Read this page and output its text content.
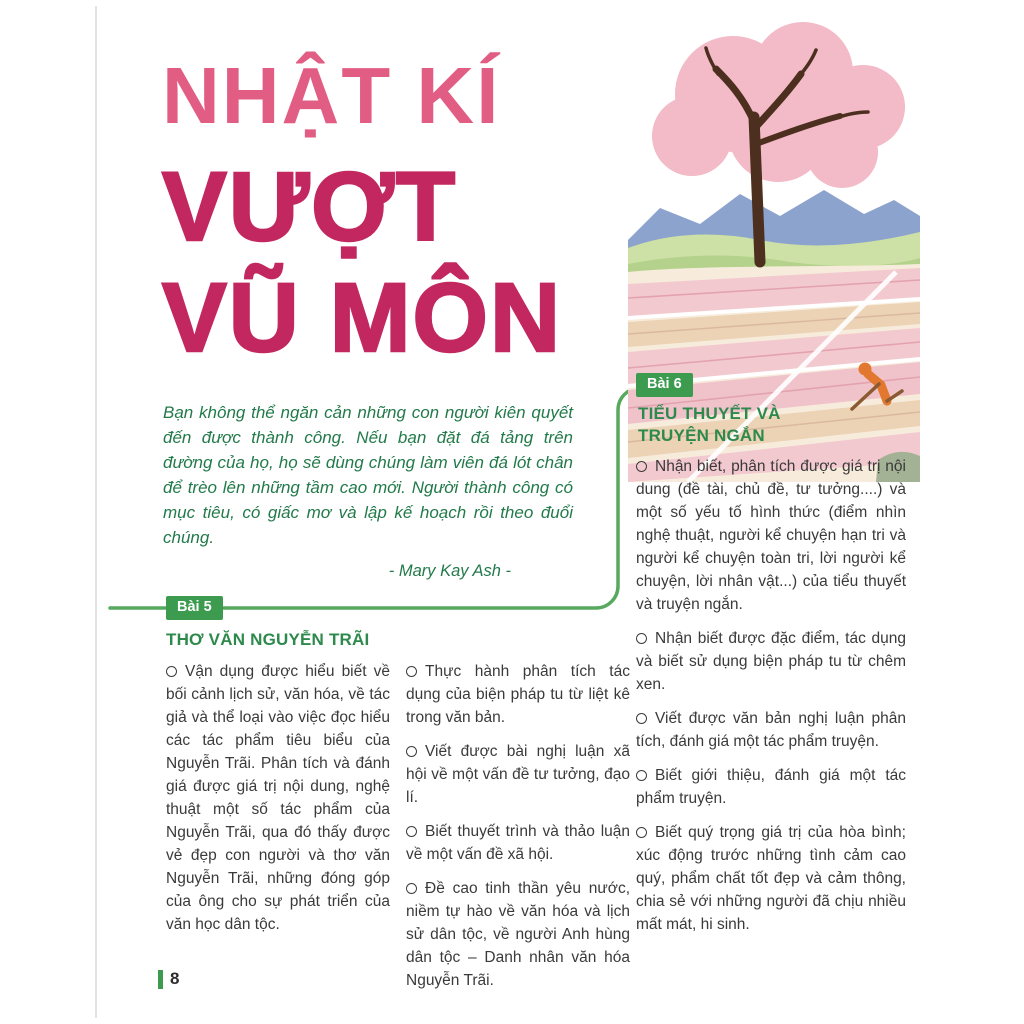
NHẬT KÍ
VƯỢT
VŨ MÔN

Bạn không thể ngăn cản những con người kiên quyết đến được thành công. Nếu bạn đặt đá tảng trên đường của họ, họ sẽ dùng chúng làm viên đá lót chân để trèo lên những tầm cao mới. Người thành công có mục tiêu, có giấc mơ và lập kế hoạch rồi theo đuổi chúng.

- Mary Kay Ash -
Bài 6
TIỂU THUYẾT VÀ
TRUYỆN NGẮN

Nhận biết, phân tích được giá trị nội dung (đề tài, chủ đề, tư tưởng....) và một số yếu tố hình thức (điểm nhìn nghệ thuật, người kể chuyện hạn tri và người kể chuyện toàn tri, lời người kể chuyện, lời nhân vật...) của tiểu thuyết và truyện ngắn.

Nhận biết được đặc điểm, tác dụng và biết sử dụng biện pháp tu từ chêm xen.

Viết được văn bản nghị luận phân tích, đánh giá một tác phẩm truyện.

Biết giới thiệu, đánh giá một tác phẩm truyện.

Biết quý trọng giá trị của hòa bình; xúc động trước những tình cảm cao quý, phẩm chất tốt đẹp và cảm thông, chia sẻ với những người đã chịu nhiều mất mát, hi sinh.

Bài 5
THƠ VĂN NGUYỄN TRÃI

Vận dụng được hiểu biết về bối cảnh lịch sử, văn hóa, về tác giả và thể loại vào việc đọc hiểu các tác phẩm tiêu biểu của Nguyễn Trãi. Phân tích và đánh giá được giá trị nội dung, nghệ thuật một số tác phẩm của Nguyễn Trãi, qua đó thấy được vẻ đẹp con người và thơ văn Nguyễn Trãi, những đóng góp của ông cho sự phát triển của văn học dân tộc.

Thực hành phân tích tác dụng của biện pháp tu từ liệt kê trong văn bản.

Viết được bài nghị luận xã hội về một vấn đề tư tưởng, đạo lí.

Biết thuyết trình và thảo luận về một vấn đề xã hội.

Đề cao tinh thần yêu nước, niềm tự hào về văn hóa và lịch sử dân tộc, về người Anh hùng dân tộc – Danh nhân văn hóa Nguyễn Trãi.

8
